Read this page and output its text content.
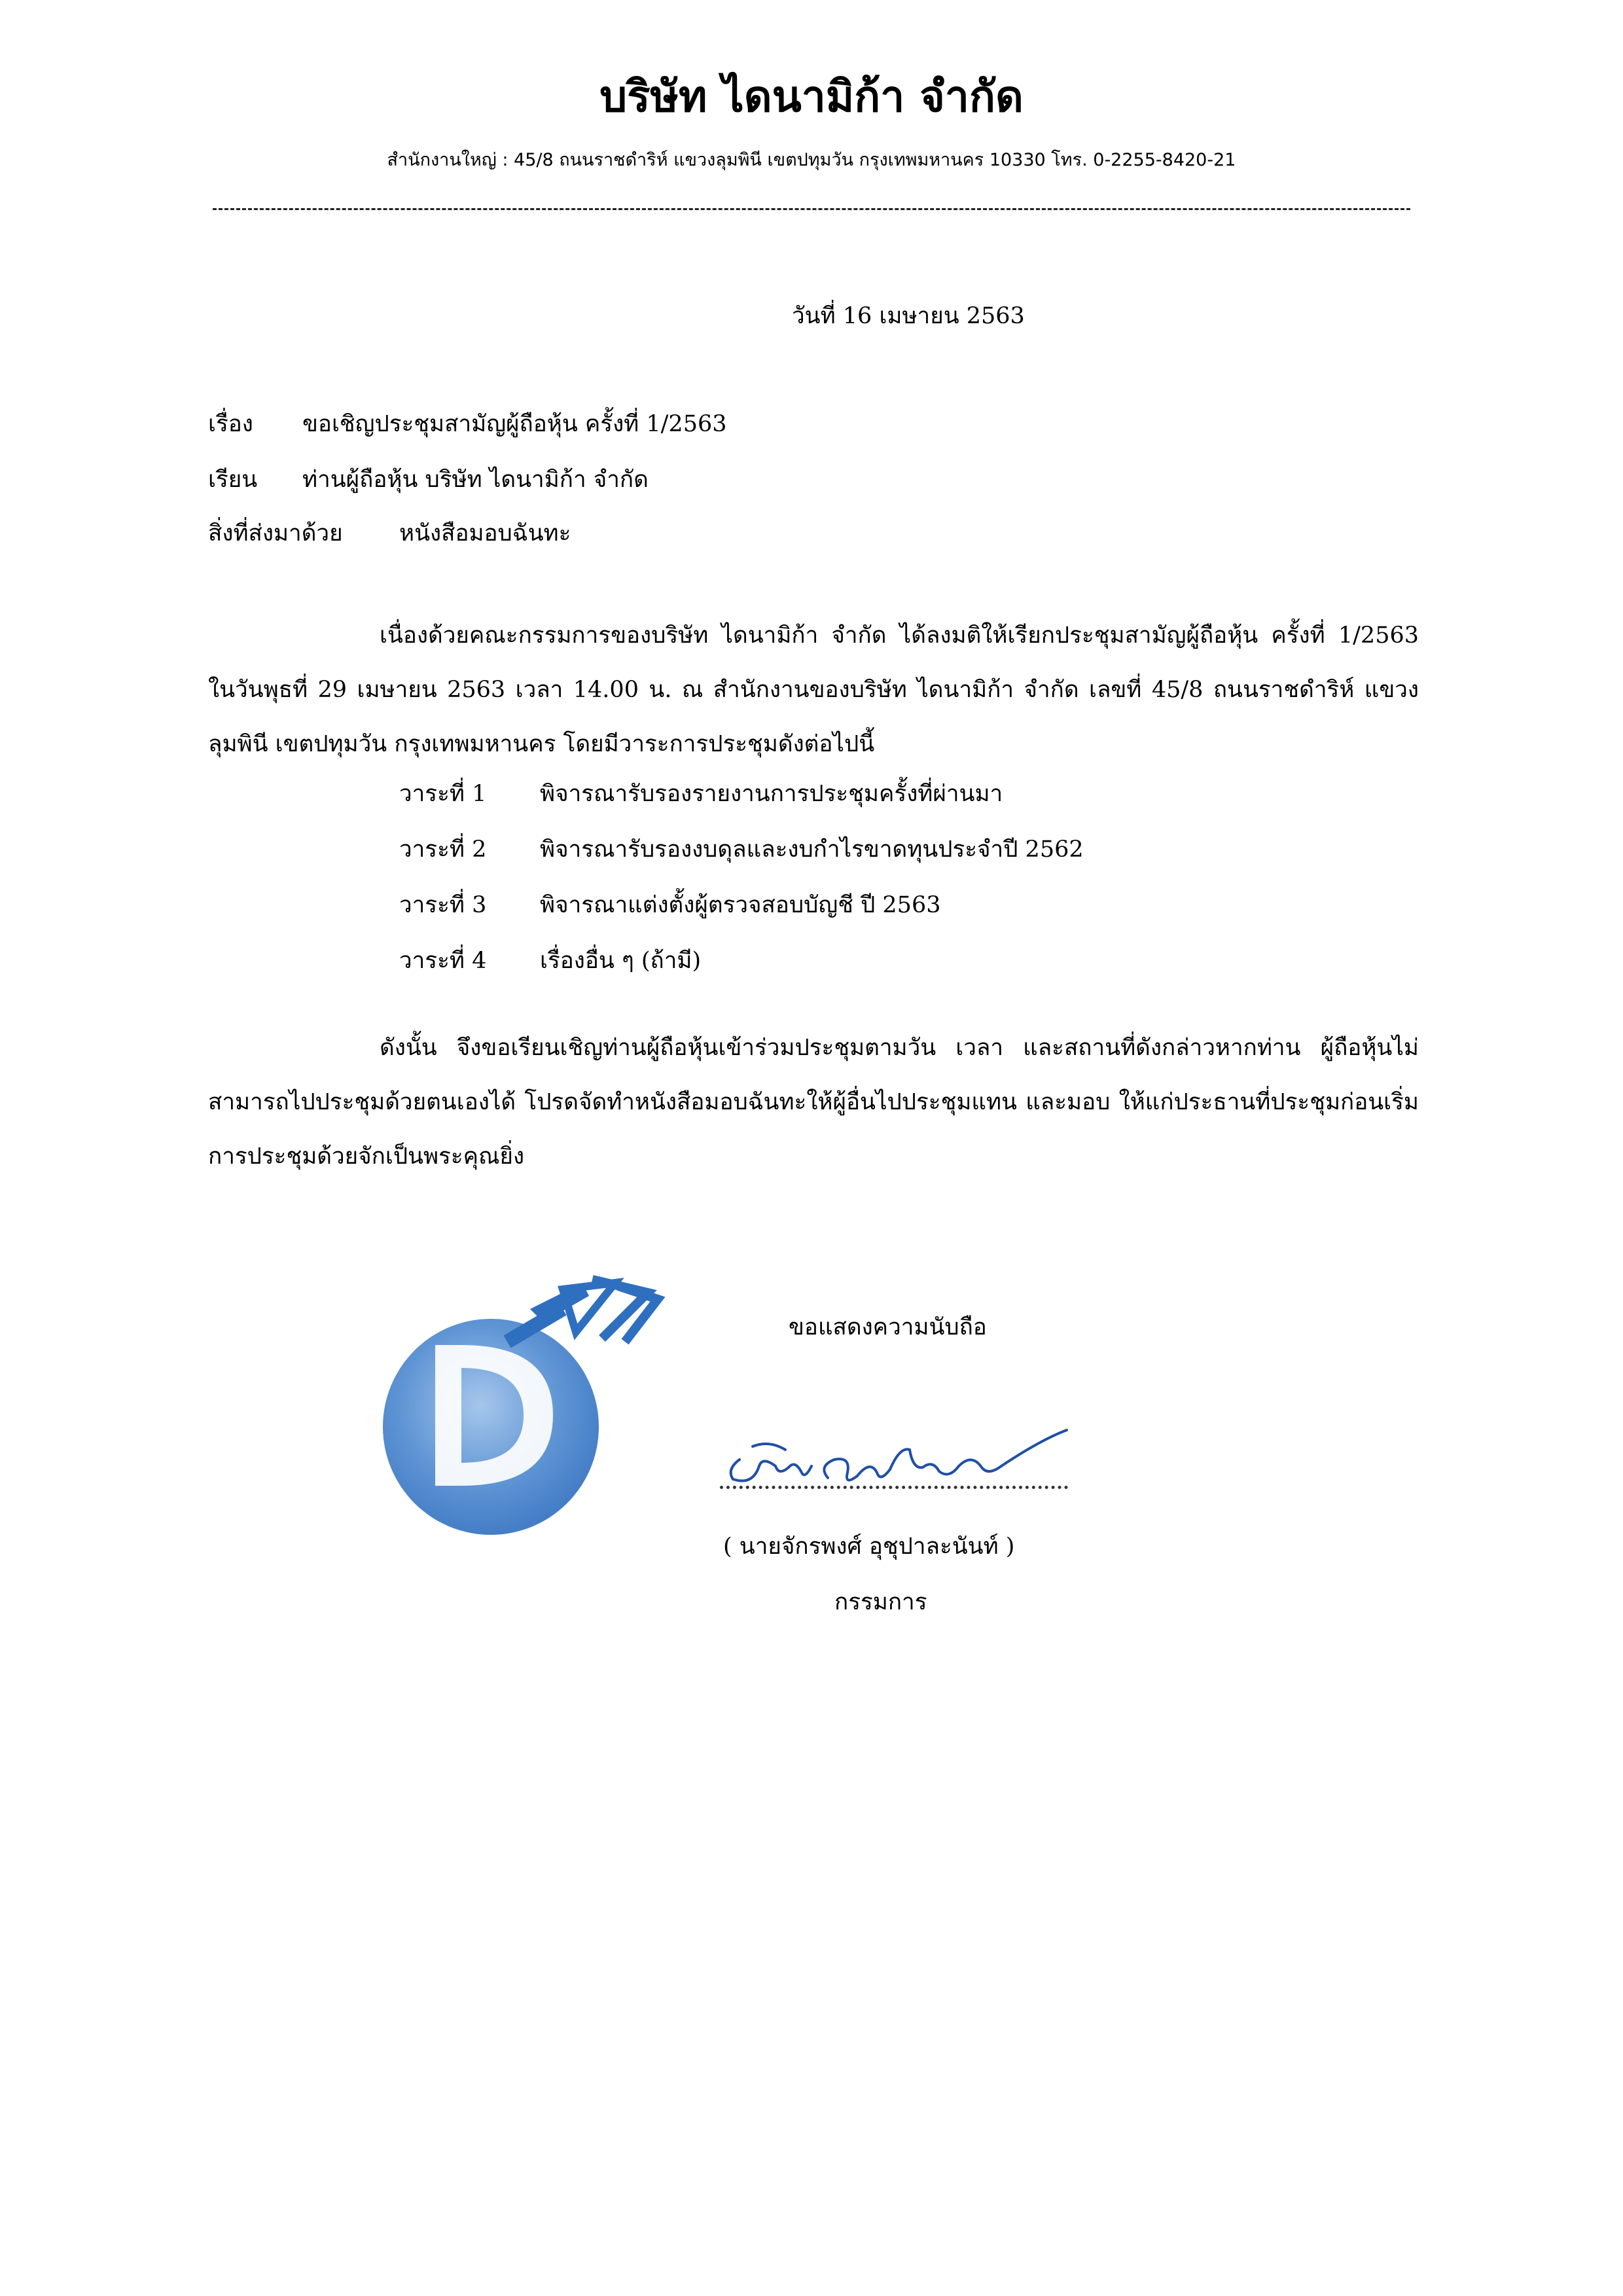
บริษัท ไดนามิก้า จำกัด
สำนักงานใหญ่ : 45/8 ถนนราชดำริห์ แขวงลุมพินี เขตปทุมวัน กรุงเทพมหานคร 10330 โทร. 0-2255-8420-21
วันที่ 16 เมษายน 2563
เรื่อง ขอเชิญประชุมสามัญผู้ถือหุ้น ครั้งที่ 1/2563
เรียน ท่านผู้ถือหุ้น บริษัท ไดนามิก้า จำกัด
สิ่งที่ส่งมาด้วย หนังสือมอบฉันทะ
เนื่องด้วยคณะกรรมการของบริษัท ไดนามิก้า จำกัด ได้ลงมติให้เรียกประชุมสามัญผู้ถือหุ้น ครั้งที่ 1/2563 ในวันพุธที่ 29 เมษายน 2563 เวลา 14.00 น. ณ สำนักงานของบริษัท ไดนามิก้า จำกัด เลขที่ 45/8 ถนนราชดำริห์ แขวงลุมพินี เขตปทุมวัน กรุงเทพมหานคร โดยมีวาระการประชุมดังต่อไปนี้
วาระที่ 1 พิจารณารับรองรายงานการประชุมครั้งที่ผ่านมา
วาระที่ 2 พิจารณารับรองงบดุลและงบกำไรขาดทุนประจำปี 2562
วาระที่ 3 พิจารณาแต่งตั้งผู้ตรวจสอบบัญชี ปี 2563
วาระที่ 4 เรื่องอื่น ๆ (ถ้ามี)
ดังนั้น จึงขอเรียนเชิญท่านผู้ถือหุ้นเข้าร่วมประชุมตามวัน เวลา และสถานที่ดังกล่าวหากท่าน ผู้ถือหุ้นไม่สามารถไปประชุมด้วยตนเองได้ โปรดจัดทำหนังสือมอบฉันทะให้ผู้อื่นไปประชุมแทน และมอบ ให้แก่ประธานที่ประชุมก่อนเริ่มการประชุมด้วยจักเป็นพระคุณยิ่ง
ขอแสดงความนับถือ
( นายจักรพงศ์ อุชุปาละนันท์ )
กรรมการ
